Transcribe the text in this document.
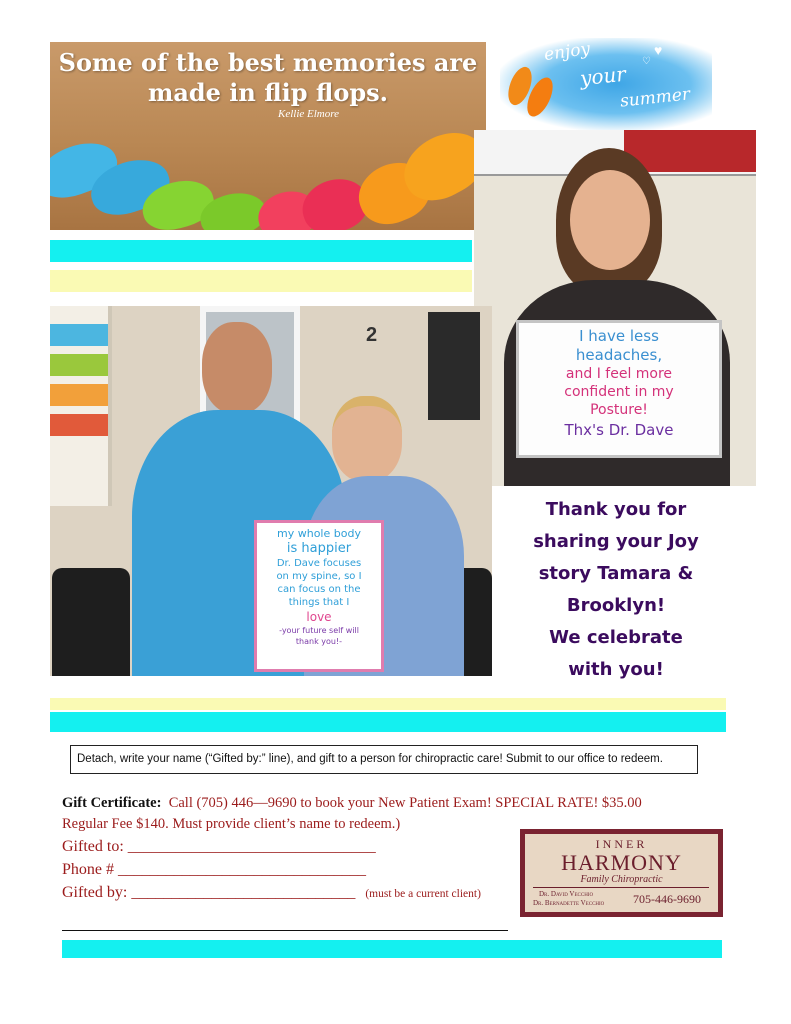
Some of the best memories are
made in flip flops.
Kellie Elmore
enjoy
your
summer
♥
♡
I have less
headaches,
and I feel more
confident in my
Posture!
Thx's Dr. Dave
2
my whole body
is happier
Dr. Dave focuses
on my spine, so I
can focus on the
things that I
love
-your future self will
thank you!-
Thank you for
sharing your Joy
story Tamara &
Brooklyn!
We celebrate
with you!
Detach, write your name (“Gifted by:” line), and gift to a person for chiropractic care! Submit to our office to redeem.
Gift Certificate: Call (705) 446—9690 to book your New Patient Exam! SPECIAL RATE! $35.00
Regular Fee $140. Must provide client’s name to redeem.)
Gifted to: _______________________________
Phone # _______________________________
Gifted by: ____________________________ (must be a current client)
INNER
HARMONY
Family Chiropractic
Dr. David Vecchio
Dr. Bernadette Vecchio 705-446-9690
